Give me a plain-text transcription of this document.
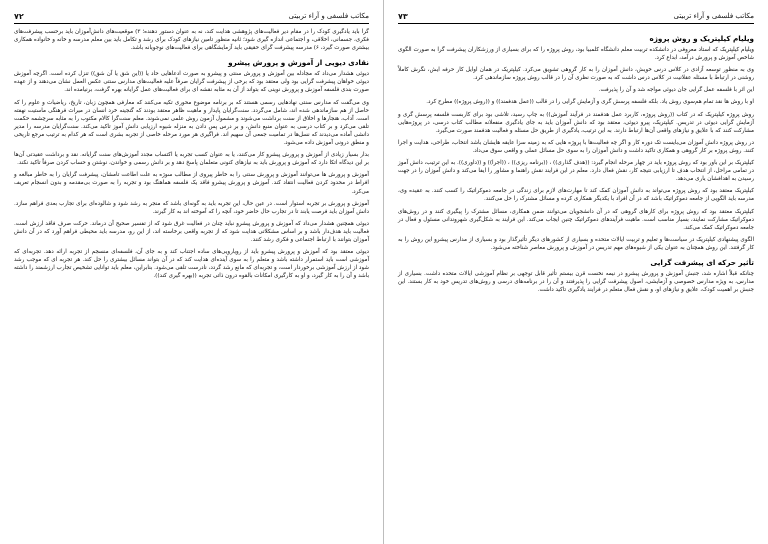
مکاتب فلسفی و آراء تربیتی
۷۲

گرا باید یادگیری کودک را در مقام دیر فعالیت‌های پژوهشی هدایت کند، نه به عنوان دستور دهنده؛ ۳) موقعیت‌های دانش‌آموزان باید برحسب پیشرفت‌های فکری، جسمانی، اخلاقی، و اجتماعی اندازه گیری شود؛ ثانیه منظور تامین نیازهای کودک برای رشد و تکامل باید بین معلم مدرسه و خانه و خانواده همکاری بیشتری صورت گیرد، ۶) مدرسه پیشرفت گرای حقیقی باید آزمایشگاهی برای فعالیت‌های نوجویانه باشد.

نقادی دیویی از آموزش و پرورش پیشرو

دیوئی هشدار می‌داد که مجادله بین آموزش و پرورش سنتی و پیشرو به صورت ادعاهایی حاد یا ((این شق یا آن شق)) تنزل کرده است. اگرچه آموزش دیوئی خواهان پیشرفت گرایی بود ولی معتقد بود که برخی از پیشرفت گرایان صرفاً علیه فعالیت‌های مدارس سنتی عکس العمل نشان می‌دهند و از عهده صورت بندی فلسفه آموزش و پرورش نوینی که بتواند از آن به مثابه نقشه ای برای فعالیت‌های عمل گرایانه بهره گرفت، برنیامده اند.

وی می‌گفت که مدارس سنتی نهادهایی رسمی هستند که بر برنامه موضوع محوری تکیه می‌کنند که معارفی همچون زبان، تاریخ، ریاضیات و علوم را که حاصل از هم سازماندهی شده اند، شامل می‌گردد. سنت‌گرایان پایدار و ماهیت ظاهر معتقد بودند که گنجینه خرد انسان در میراث فرهنگی ماستیت نهفته است. آداب، هنجارها و اخلاق از سنت برداشت می‌شوند و مشمول آزمون روش علمی نمی‌شوند. معلم سنت‌گرا کالام مکتوب را به مثابه سرچشمه حکمت تلقی می‌کرد و بر کتاب درسی به عنوان منبع دانش، و بر درس پس دادن به منزله شیوه ارزیابی دانش آموز تاکید می‌کند. سنت‌گرایان مدرسه را مدیر دانشی آماده می‌دیدند که نسل‌ها در تمامیت جمعی آن سهیم اند. فراگیری هر مورد مرحله خاصی از تجربه بشری است که هر کدام به ترتیب مرجع تاریخی و منطق درونی آموزش داده می‌شود.

بدار بسیار زیادی از آموزش و پرورش پیشرو کار می‌کنند، یا به عنوان کسب تجربه یا اکتساب مجدد آموزش‌های سنت گرایانه. نقد و برداشت عقیدتی آن‌ها بر این دیدگاه اتکا دارد که آموزش و پرورش باید به نیازهای کنونی متعلمان پاسخ دهد و بر دانش رسمی و خواندن، نوشتن و حساب کردن صرفاً تاکید نکند.

آموزش و پرورش ها می‌توانند آموزش و پرورش سنتی را به خاطر پیروی از مطالب سوژه به علت اطاعت تامشان، پیشرفت گرایان را به خاطر مبالغه و افراط در محدود کردن فعالیت انتقاد کند. آموزش و پرورش پیشرو فاقد یک فلسفه هماهنگ بود و تجربه را به صورت بی‌مقدمه و بدون انسجام تعریف می‌کرد.

آموزش و پرورش بر تجربه استوار است. در عین حال، این تجربه باید به گونه‌ای باشد که منجر به رشد شود و شالوده‌ای برای تجارب بعدی فراهم سازد. دانش آموزان باید فرصت یابند تا در تجارب حال حاضر خود، آنچه را که آموخته اند به کار گیرند.

دیوئی همچنین هشدار می‌داد که آموزش و پرورش پیشرو نباید چنان در فعالیت غرق شود که از تفسیر صحیح آن درماند. حرکت صرف فاقد ارزش است. فعالیت باید هدف‌دار باشد و بر اساس مشکلاتی هدایت شود که از تجربه واقعی برخاسته اند، از این رو، مدرسه باید محیطی فراهم آورد که در آن دانش آموزان بتوانند با ارتباط اجتماعی و فکری رشد کنند.

دیوئی معتقد بود که آموزش و پرورش پیشرو باید از رویارویی‌های ساده اجتناب کند و به جای آن، فلسفه‌ای منسجم از تجربه ارائه دهد. تجربه‌ای که آموزشی است باید استمرار داشته باشد و متعلم را به سوی آینده‌ای هدایت کند که در آن بتواند مسائل بیشتری را حل کند. هر تجربه ای که موجب رشد شود از ارزش آموزشی برخوردار است، و تجربه‌ای که مانع رشد گردد، نادرست تلقی می‌شود. بنابراین، معلم باید توانایی تشخیص تجارب ارزشمند را داشته باشد و آن را به کار گیرد، و او به کارگیری امکانات بالقوه درون ذاتی تجربه ((بهره گیری کند)).

مکاتب فلسفی و آراء تربیتی
۷۳
ویلیام کیلپتریک و روش پروژه

ویلیام کیلپتریک که استاد معروفی در دانشکده تربیت معلم دانشگاه کلمبیا بود، روش پروژه را که برای بسیاری از ورزشکاران پیشرفت گرا به صورت الگوی شاخص آموزش و پرورش درآمد، ابداع کرد.

وی به منظور توسعه آزادی در کلاس درس خویش، دانش آموزان را به کار گروهی تشویق می‌کرد. کیلپتریک در همان اوایل کار حرفه ایش، نگرش کاملاً روشنی در ارتباط با مسئله عقلانیت در کلاس درس داشت که به صورت نظری آن را در قالب روش پروژه سازماندهی کرد.

این اثر با فلسفه عمل گرایی جان دیوئی مواجه شد و آن را پذیرفت.

او با روش ها نقد تمام هم‌سوی روش یاد. بلکه فلسفه پرسش گری و آزمایش گرایی را در قالب ((عمل هدفمند)) و ((روش پروژه)) مطرح کرد.

روش پروژه کیلپتریک که در کتاب ((روش پروژه، کاربرد عمل هدفمند در فرآیند آموزش)) به چاپ رسید، تلاشی بود برای کاربست فلسفه پرسش گری و آزمایش گرایی دیوئی در تدریس. کیلپتریک، پیرو دیوئی، معتقد بود که دانش آموزان باید به جای یادگیری منفعلانه مطالب کتاب درسی، در پروژه‌هایی مشارکت کنند که با علایق و نیازهای واقعی آن‌ها ارتباط دارند. به این ترتیب، یادگیری از طریق حل مسئله و فعالیت هدفمند صورت می‌گیرد.

در روش پروژه دانش آموزان می‌بایست تک دوره کار و اگر چه فعالیت‌ها با پروژه هایی که به زمینه سزا عایقه هایشان باشد انتخاب، طراحی، هدایت و اجرا کنند. روش پروژه بر کار گروهی و همکاری تاکید داشت و دانش آموزان را به سوی حل مسائل عملی و واقعی سوق می‌داد.

کیلپتریک بر این باور بود که روش پروژه باید در چهار مرحله انجام گیرد: ((هدف گذاری)) ، ((برنامه ریزی)) ، ((اجرا)) و ((داوری)). به این ترتیب، دانش آموز در تمامی مراحل، از انتخاب هدف تا ارزیابی نتیجه کار، نقش فعال دارد. معلم در این فرایند نقش راهنما و مشاور را ایفا می‌کند و دانش آموزان را در جهت رسیدن به اهدافشان یاری می‌دهد.

کیلپتریک معتقد بود که روش پروژه می‌تواند به دانش آموزان کمک کند تا مهارت‌های لازم برای زندگی در جامعه دموکراتیک را کسب کنند. به عقیده وی، مدرسه باید الگویی از جامعه دموکراتیک باشد که در آن افراد با یکدیگر همکاری کرده و مسائل مشترک را حل می‌کنند.

کیلپتریک معتقد بود که روش پروژه برای کارهای گروهی که در آن دانشجویان می‌توانند ضمن همکاری، مسائل مشترک را پیگیری کنند و در روش‌های دموکراتیک مشارکت نمایند، بسیار مناسب است. ماهیت فرآیندهای دموکراتیک چنین ایجاب می‌کند. این فرایند به شکل‌گیری شهروندانی مسئول و فعال در جامعه دموکراتیک کمک می‌کند.

الگوی پیشنهادی کیلپتریک در سیاست‌ها و تعلیم و تربیت ایالات متحده و بسیاری از کشورهای دیگر تأثیرگذار بود و بسیاری از مدارس پیشرو این روش را به کار گرفتند. این روش همچنان به عنوان یکی از شیوه‌های مهم تدریس در آموزش و پرورش معاصر شناخته می‌شود.

تأثیر حرکه ای پیشرفت گرایی

چنانکه قبلاً اشاره شد، جنبش آموزش و پرورش پیشرو در نیمه نخست قرن بیستم تأثیر قابل توجهی بر نظام آموزشی ایالات متحده داشت. بسیاری از مدارس، به ویژه مدارس خصوصی و آزمایشی، اصول پیشرفت گرایی را پذیرفتند و آن را در برنامه‌های درسی و روش‌های تدریس خود به کار بستند. این جنبش بر اهمیت کودک، علایق و نیازهای او، و نقش فعال متعلم در فرایند یادگیری تاکید داشت.
